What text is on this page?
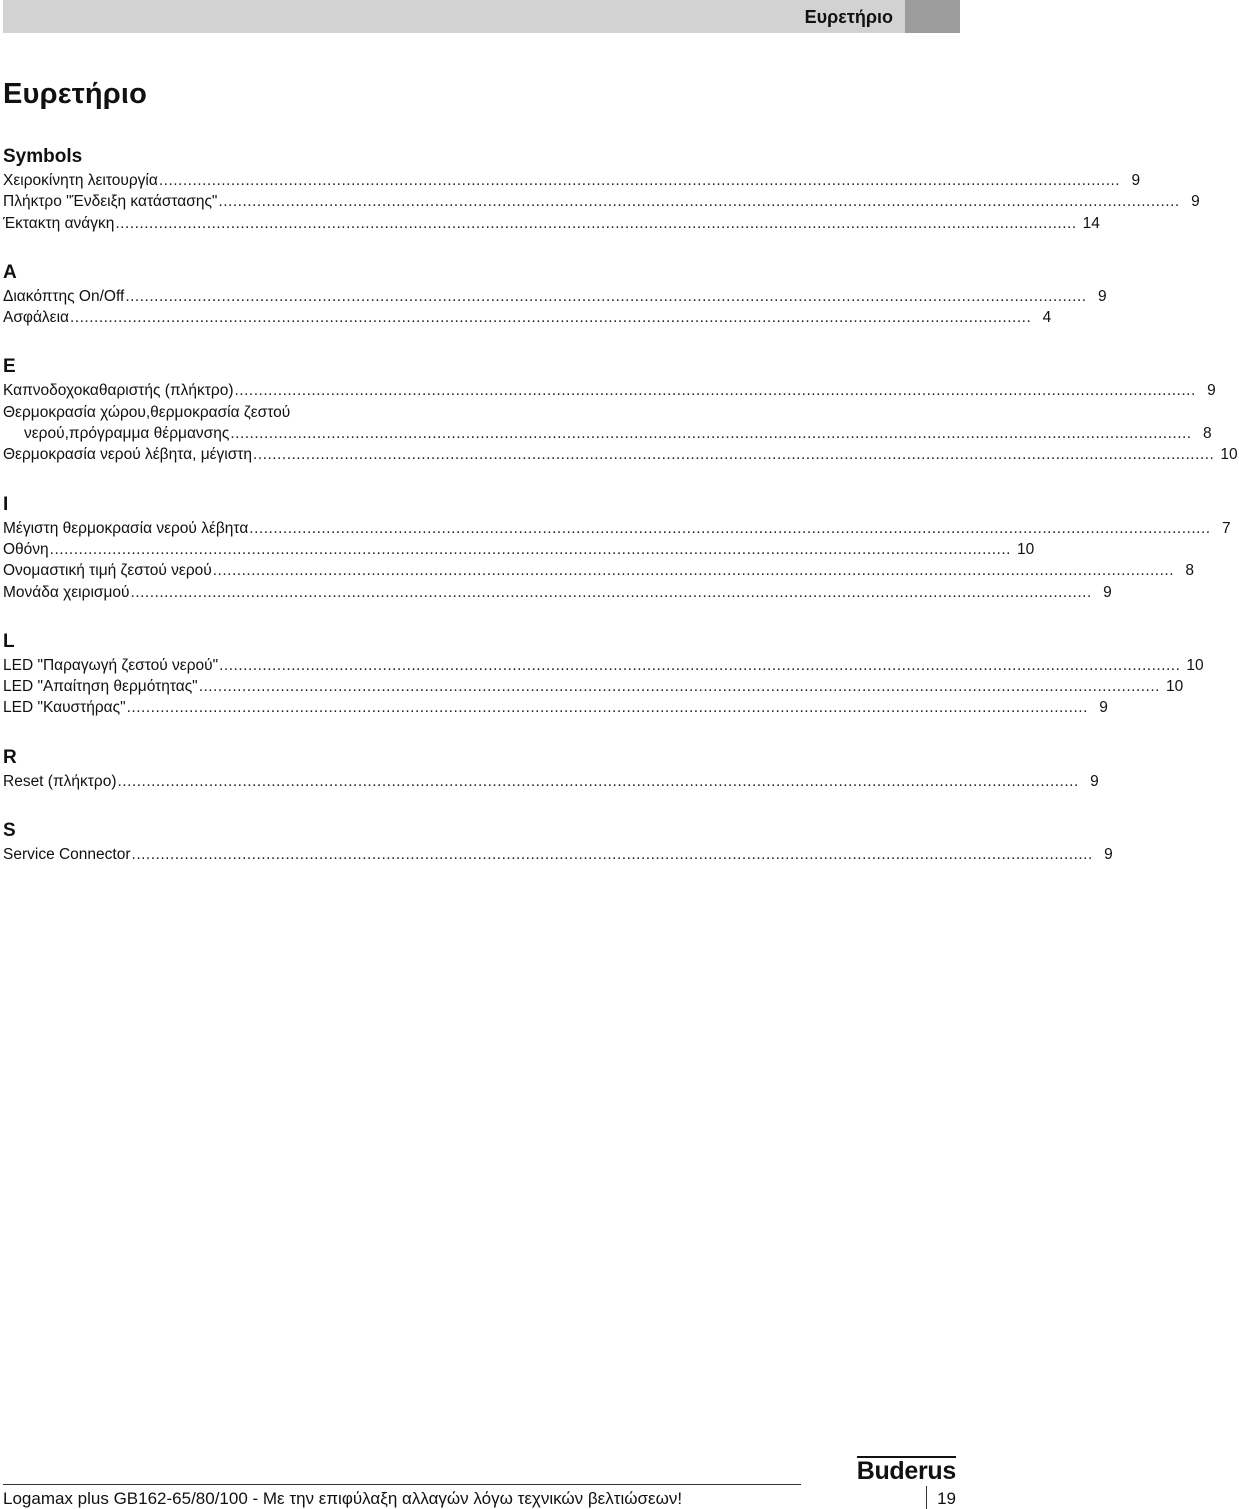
Ευρετήριο
Ευρετήριο
Symbols
Χειροκίνητη λειτουργία ........................................................................................................................................................................................................ 9
Πλήκτρο "Ένδειξη κατάστασης" ........................................................................................................................................................................................................ 9
Έκτακτη ανάγκη ........................................................................................................................................................................................................ 14
A
Διακόπτης On/Off ........................................................................................................................................................................................................ 9
Ασφάλεια ........................................................................................................................................................................................................ 4
E
Καπνοδοχοκαθαριστής (πλήκτρο) ........................................................................................................................................................................................................ 9
Θερμοκρασία χώρου,θερμοκρασία ζεστού
νερού,πρόγραμμα θέρμανσης ........................................................................................................................................................................................................ 8
Θερμοκρασία νερού λέβητα, μέγιστη ........................................................................................................................................................................................................ 10
I
Μέγιστη θερμοκρασία νερού λέβητα ........................................................................................................................................................................................................ 7
Οθόνη ........................................................................................................................................................................................................ 10
Ονομαστική τιμή ζεστού νερού ........................................................................................................................................................................................................ 8
Μονάδα χειρισμού ........................................................................................................................................................................................................ 9
L
LED "Παραγωγή ζεστού νερού" ........................................................................................................................................................................................................ 10
LED "Απαίτηση θερμότητας" ........................................................................................................................................................................................................ 10
LED "Καυστήρας" ........................................................................................................................................................................................................ 9
R
Reset (πλήκτρο) ........................................................................................................................................................................................................ 9
S
Service Connector ........................................................................................................................................................................................................ 9
Buderus
Logamax plus GB162-65/80/100 - Με την επιφύλαξη αλλαγών λόγω τεχνικών βελτιώσεων!	19
